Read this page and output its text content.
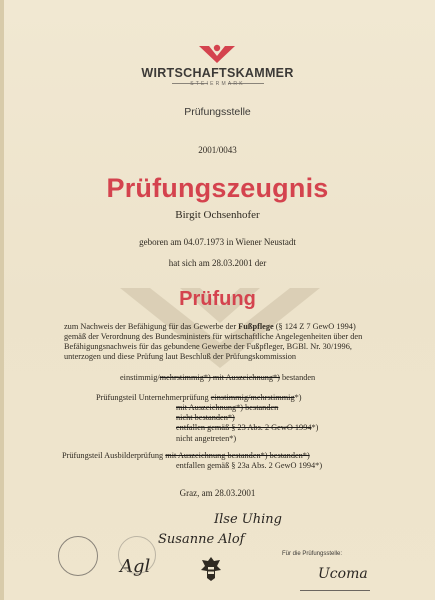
WIRTSCHAFTSKAMMER

STEIERMARK

Prüfungsstelle

2001/0043

Prüfungszeugnis

Birgit Ochsenhofer

geboren am 04.07.1973 in Wiener Neustadt

hat sich am 28.03.2001 der

Prüfung

zum Nachweis der Befähigung für das Gewerbe der Fußpflege (§ 124 Z 7 GewO 1994)

gemäß der Verordnung des Bundesministers für wirtschaftliche Angelegenheiten über den

Befähigungsnachweis für das gebundene Gewerbe der Fußpfleger, BGBl. Nr. 30/1996,

unterzogen und diese Prüfung laut Beschluß der Prüfungskommission

einstimmig/mehrstimmig*) mit Auszeichnung*) bestanden

Prüfungsteil Unternehmerprüfung einstimmig/mehrstimmig*)

mit Auszeichnung*) bestanden

nicht bestanden*)

entfallen gemäß § 23 Abs. 2 GewO 1994*)

nicht angetreten*)

Prüfungsteil Ausbilderprüfung mit Auszeichnung bestanden*) bestanden*)

entfallen gemäß § 23a Abs. 2 GewO 1994*)

Graz, am 28.03.2001

Ilse Uhing
Susanne Alof
Agl	Ucoma

Für die Prüfungsstelle:
